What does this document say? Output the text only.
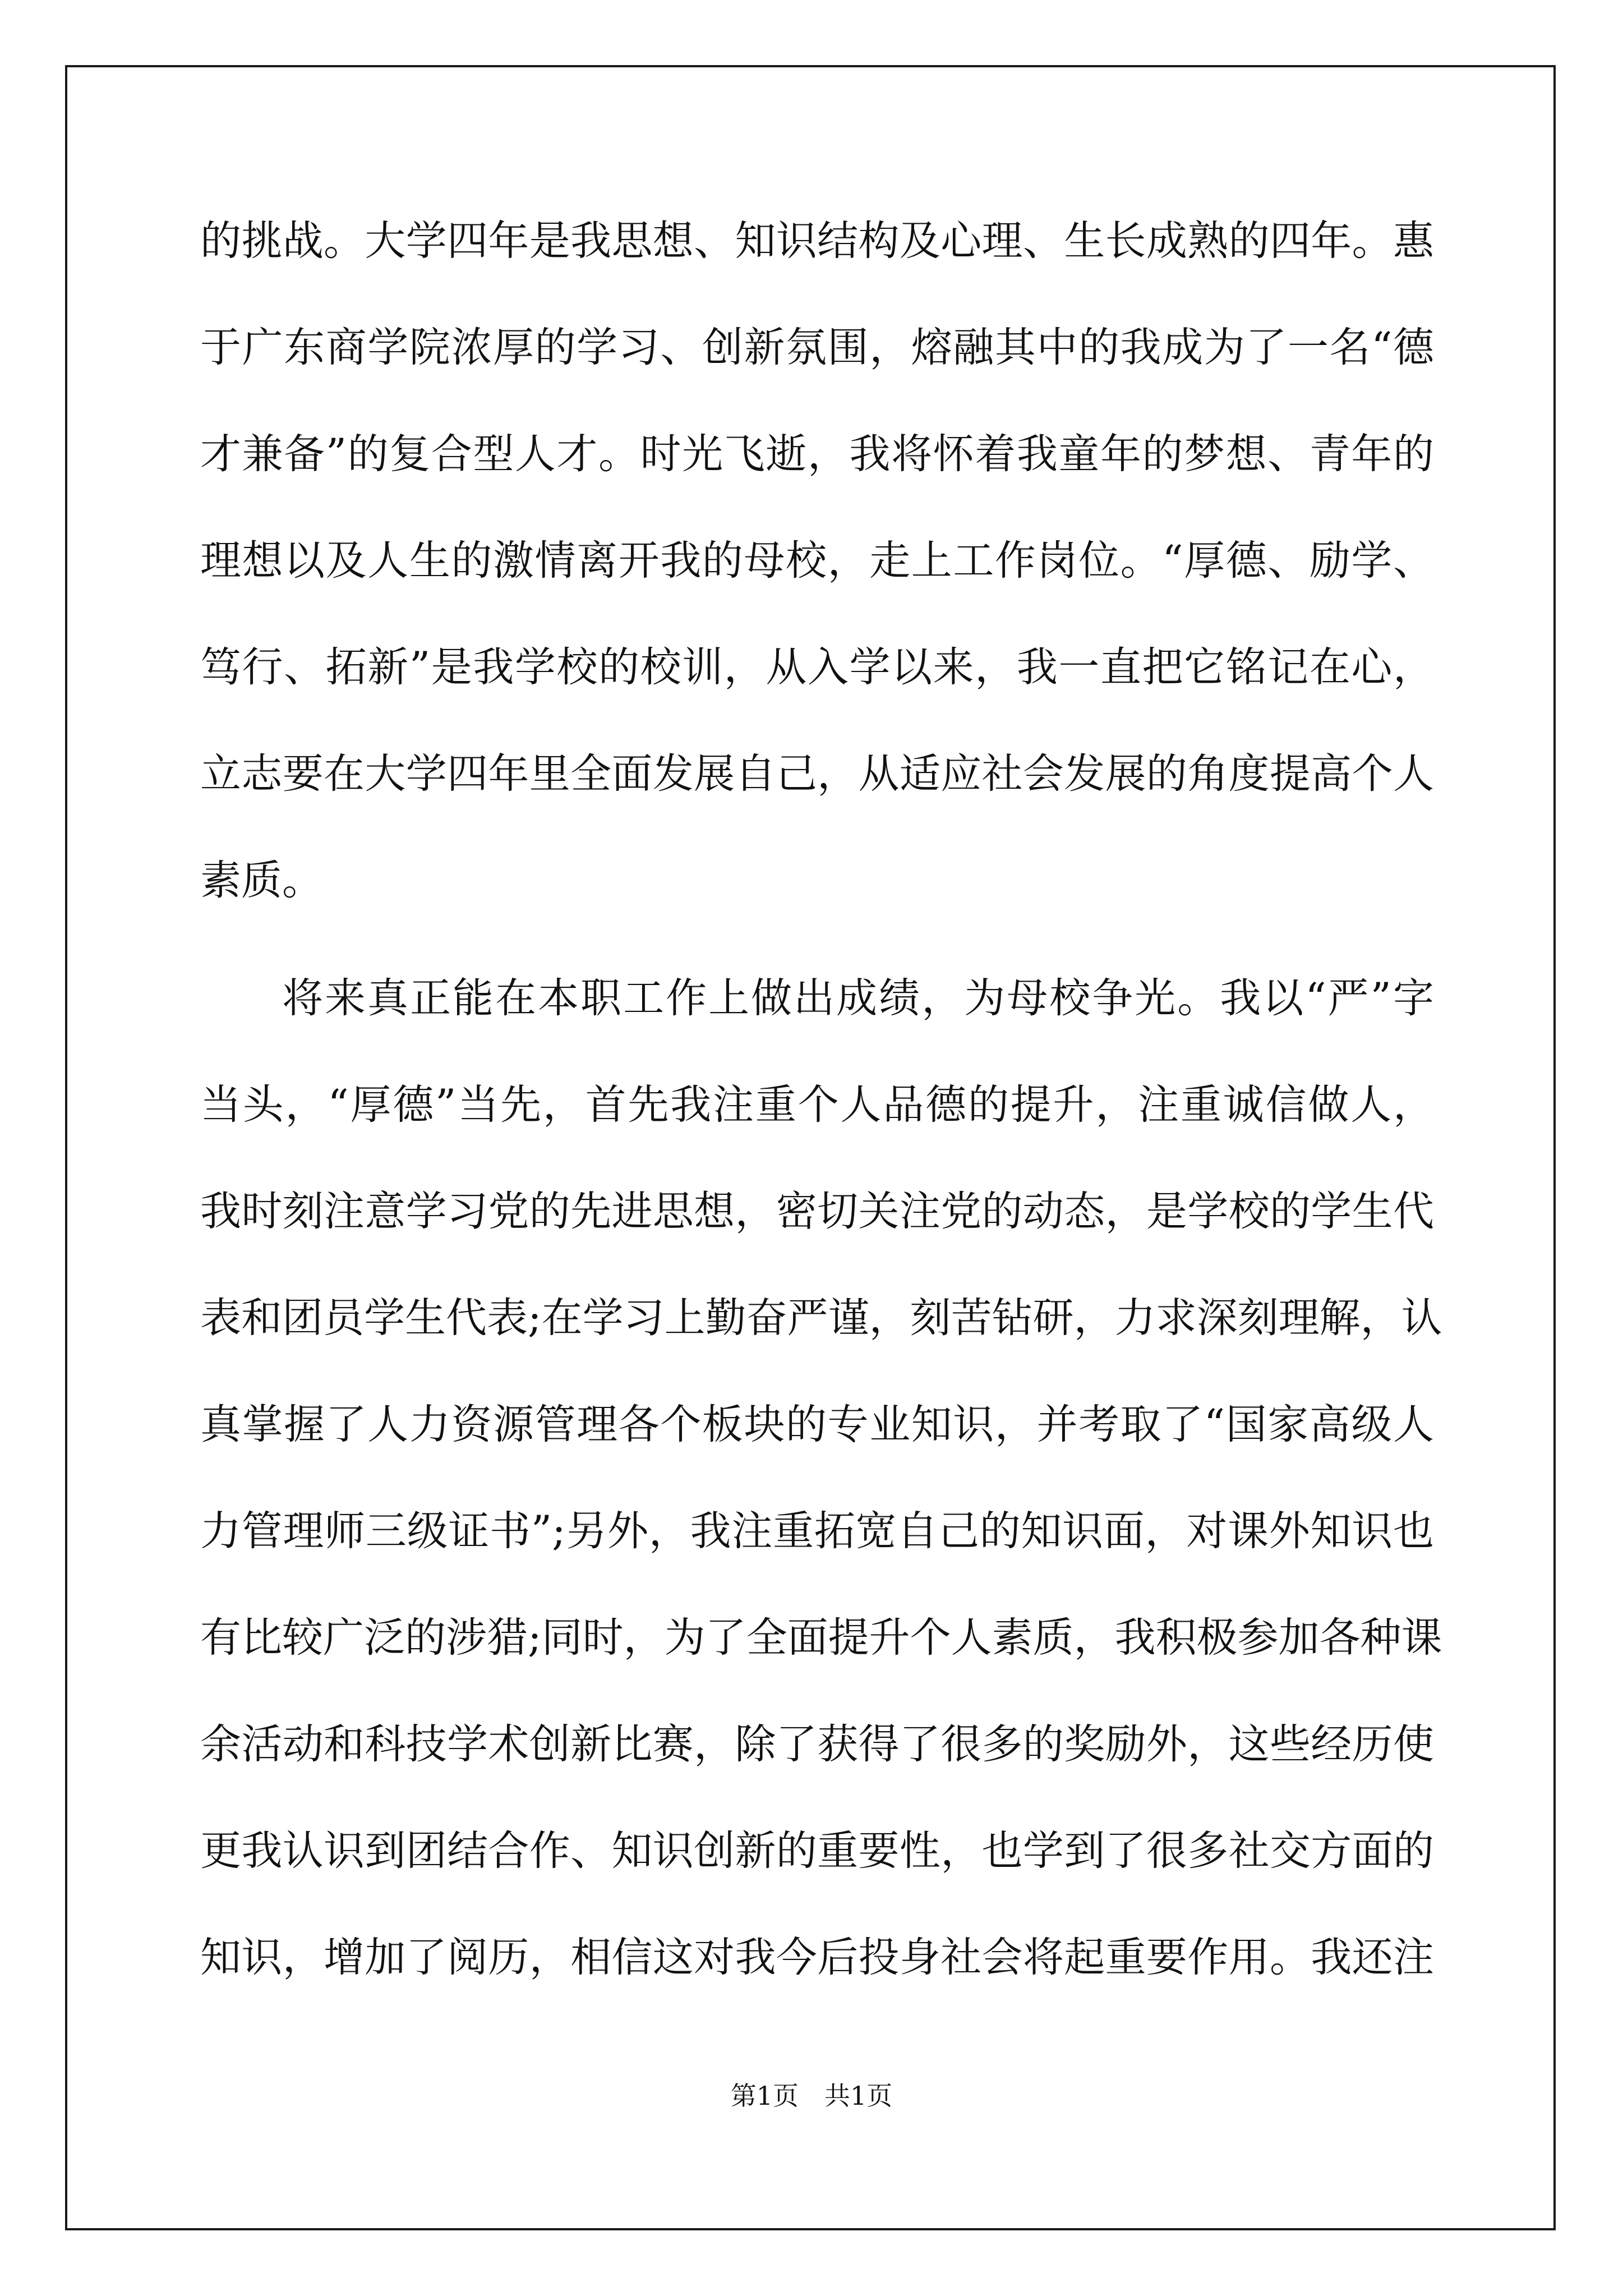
的挑战。大学四年是我思想、知识结构及心理、生长成熟的四年。惠
于广东商学院浓厚的学习、创新氛围，熔融其中的我成为了一名“德
才兼备”的复合型人才。时光飞逝，我将怀着我童年的梦想、青年的
理想以及人生的激情离开我的母校，走上工作岗位。“厚德、励学、
笃行、拓新”是我学校的校训，从入学以来，我一直把它铭记在心，
立志要在大学四年里全面发展自己，从适应社会发展的角度提高个人
素质。
将来真正能在本职工作上做出成绩，为母校争光。我以“严”字
当头，“厚德”当先，首先我注重个人品德的提升，注重诚信做人，
我时刻注意学习党的先进思想，密切关注党的动态，是学校的学生代
表和团员学生代表;在学习上勤奋严谨，刻苦钻研，力求深刻理解，认
真掌握了人力资源管理各个板块的专业知识，并考取了“国家高级人
力管理师三级证书”;另外，我注重拓宽自己的知识面，对课外知识也
有比较广泛的涉猎;同时，为了全面提升个人素质，我积极参加各种课
余活动和科技学术创新比赛，除了获得了很多的奖励外，这些经历使
更我认识到团结合作、知识创新的重要性，也学到了很多社交方面的
知识，增加了阅历，相信这对我今后投身社会将起重要作用。我还注
第1页　共1页
